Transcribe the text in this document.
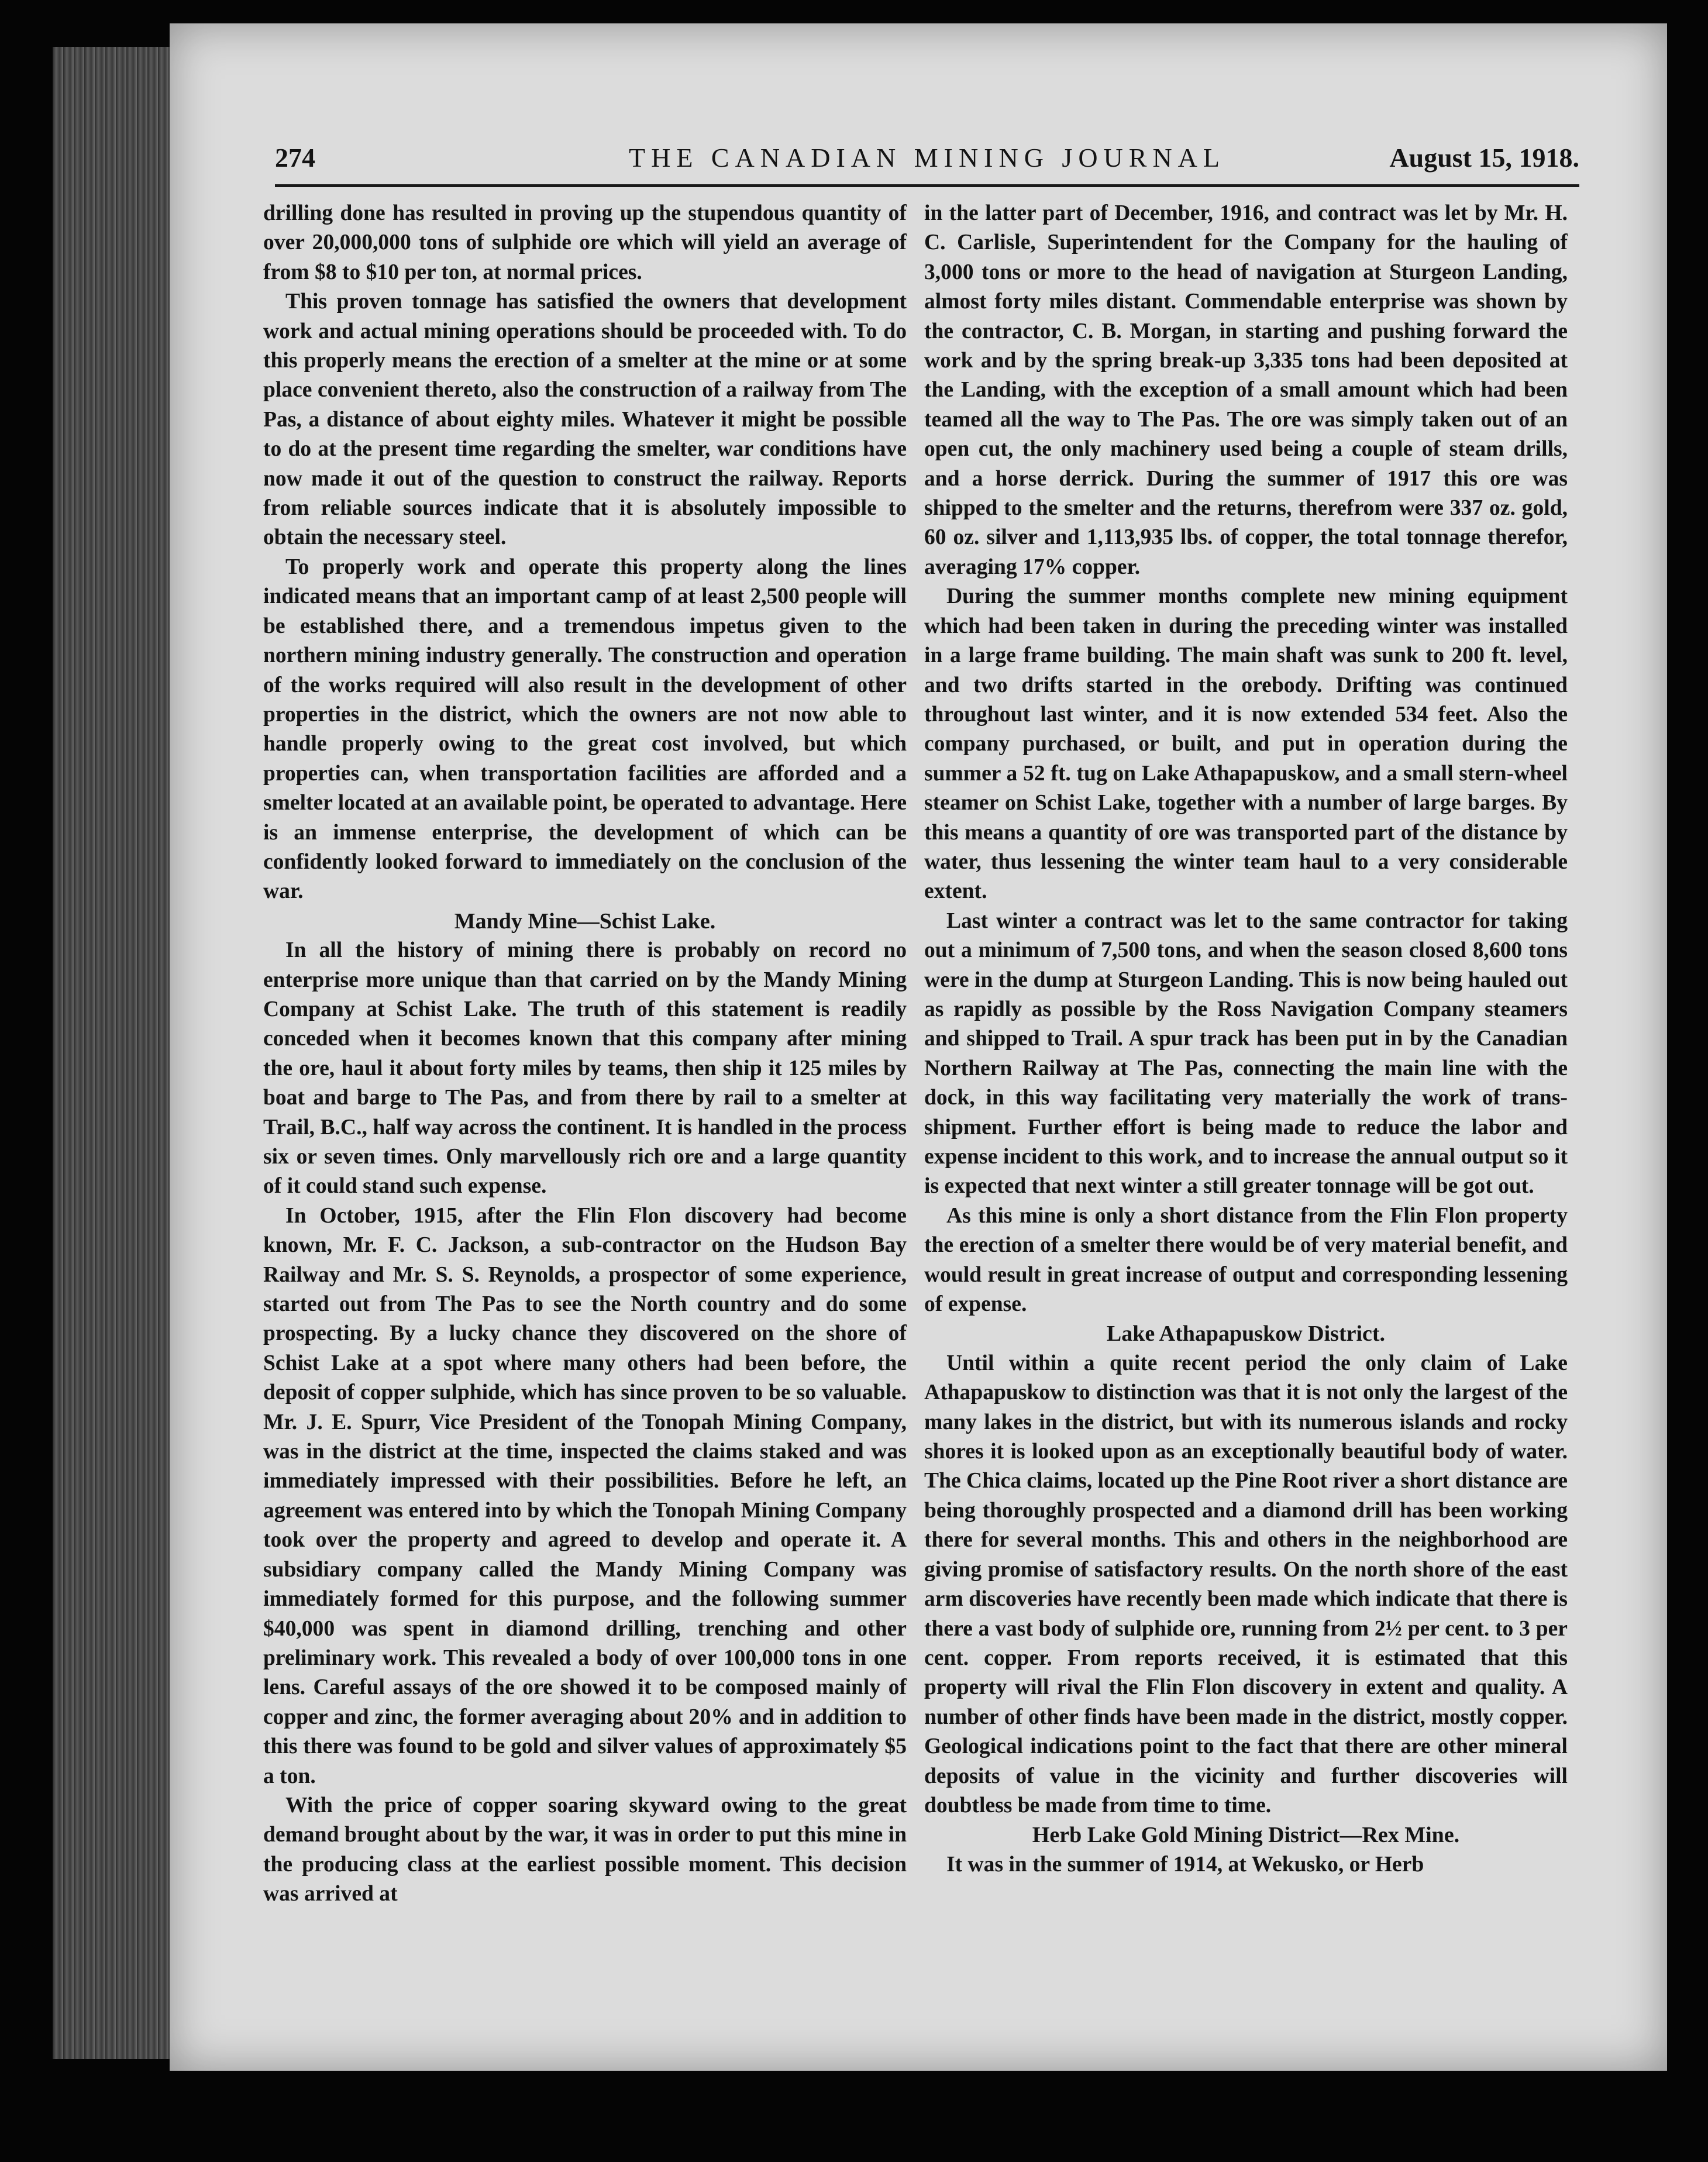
274	THE CANADIAN MINING JOURNAL	August 15, 1918.

drilling done has resulted in proving up the stupendous quantity of over 20,000,000 tons of sulphide ore which will yield an average of from $8 to $10 per ton, at normal prices.

This proven tonnage has satisfied the owners that development work and actual mining operations should be proceeded with. To do this properly means the erection of a smelter at the mine or at some place convenient thereto, also the construction of a railway from The Pas, a distance of about eighty miles. Whatever it might be possible to do at the present time regarding the smelter, war conditions have now made it out of the question to construct the railway. Reports from reliable sources indicate that it is absolutely impossible to obtain the necessary steel.

To properly work and operate this property along the lines indicated means that an important camp of at least 2,500 people will be established there, and a tremendous impetus given to the northern mining industry generally. The construction and operation of the works required will also result in the development of other properties in the district, which the owners are not now able to handle properly owing to the great cost involved, but which properties can, when transportation facilities are afforded and a smelter located at an available point, be operated to advantage. Here is an immense enterprise, the development of which can be confidently looked forward to immediately on the conclusion of the war.

Mandy Mine—Schist Lake.

In all the history of mining there is probably on record no enterprise more unique than that carried on by the Mandy Mining Company at Schist Lake. The truth of this statement is readily conceded when it becomes known that this company after mining the ore, haul it about forty miles by teams, then ship it 125 miles by boat and barge to The Pas, and from there by rail to a smelter at Trail, B.C., half way across the continent. It is handled in the process six or seven times. Only marvellously rich ore and a large quantity of it could stand such expense.

In October, 1915, after the Flin Flon discovery had become known, Mr. F. C. Jackson, a sub-contractor on the Hudson Bay Railway and Mr. S. S. Reynolds, a prospector of some experience, started out from The Pas to see the North country and do some prospecting. By a lucky chance they discovered on the shore of Schist Lake at a spot where many others had been before, the deposit of copper sulphide, which has since proven to be so valuable. Mr. J. E. Spurr, Vice President of the Tonopah Mining Company, was in the district at the time, inspected the claims staked and was immediately impressed with their possibilities. Before he left, an agreement was entered into by which the Tonopah Mining Company took over the property and agreed to develop and operate it. A subsidiary company called the Mandy Mining Company was immediately formed for this purpose, and the following summer $40,000 was spent in diamond drilling, trenching and other preliminary work. This revealed a body of over 100,000 tons in one lens. Careful assays of the ore showed it to be composed mainly of copper and zinc, the former averaging about 20% and in addition to this there was found to be gold and silver values of approximately $5 a ton.

With the price of copper soaring skyward owing to the great demand brought about by the war, it was in order to put this mine in the producing class at the earliest possible moment. This decision was arrived at

in the latter part of December, 1916, and contract was let by Mr. H. C. Carlisle, Superintendent for the Company for the hauling of 3,000 tons or more to the head of navigation at Sturgeon Landing, almost forty miles distant. Commendable enterprise was shown by the contractor, C. B. Morgan, in starting and pushing forward the work and by the spring break-up 3,335 tons had been deposited at the Landing, with the exception of a small amount which had been teamed all the way to The Pas. The ore was simply taken out of an open cut, the only machinery used being a couple of steam drills, and a horse derrick. During the summer of 1917 this ore was shipped to the smelter and the returns, therefrom were 337 oz. gold, 60 oz. silver and 1,113,935 lbs. of copper, the total tonnage therefor, averaging 17% copper.

During the summer months complete new mining equipment which had been taken in during the preceding winter was installed in a large frame building. The main shaft was sunk to 200 ft. level, and two drifts started in the orebody. Drifting was continued throughout last winter, and it is now extended 534 feet. Also the company purchased, or built, and put in operation during the summer a 52 ft. tug on Lake Athapapuskow, and a small stern-wheel steamer on Schist Lake, together with a number of large barges. By this means a quantity of ore was transported part of the distance by water, thus lessening the winter team haul to a very considerable extent.

Last winter a contract was let to the same contractor for taking out a minimum of 7,500 tons, and when the season closed 8,600 tons were in the dump at Sturgeon Landing. This is now being hauled out as rapidly as possible by the Ross Navigation Company steamers and shipped to Trail. A spur track has been put in by the Canadian Northern Railway at The Pas, connecting the main line with the dock, in this way facilitating very materially the work of trans-shipment. Further effort is being made to reduce the labor and expense incident to this work, and to increase the annual output so it is expected that next winter a still greater tonnage will be got out.

As this mine is only a short distance from the Flin Flon property the erection of a smelter there would be of very material benefit, and would result in great increase of output and corresponding lessening of expense.

Lake Athapapuskow District.

Until within a quite recent period the only claim of Lake Athapapuskow to distinction was that it is not only the largest of the many lakes in the district, but with its numerous islands and rocky shores it is looked upon as an exceptionally beautiful body of water. The Chica claims, located up the Pine Root river a short distance are being thoroughly prospected and a diamond drill has been working there for several months. This and others in the neighborhood are giving promise of satisfactory results. On the north shore of the east arm discoveries have recently been made which indicate that there is there a vast body of sulphide ore, running from 2½ per cent. to 3 per cent. copper. From reports received, it is estimated that this property will rival the Flin Flon discovery in extent and quality. A number of other finds have been made in the district, mostly copper. Geological indications point to the fact that there are other mineral deposits of value in the vicinity and further discoveries will doubtless be made from time to time.

Herb Lake Gold Mining District—Rex Mine.

It was in the summer of 1914, at Wekusko, or Herb
